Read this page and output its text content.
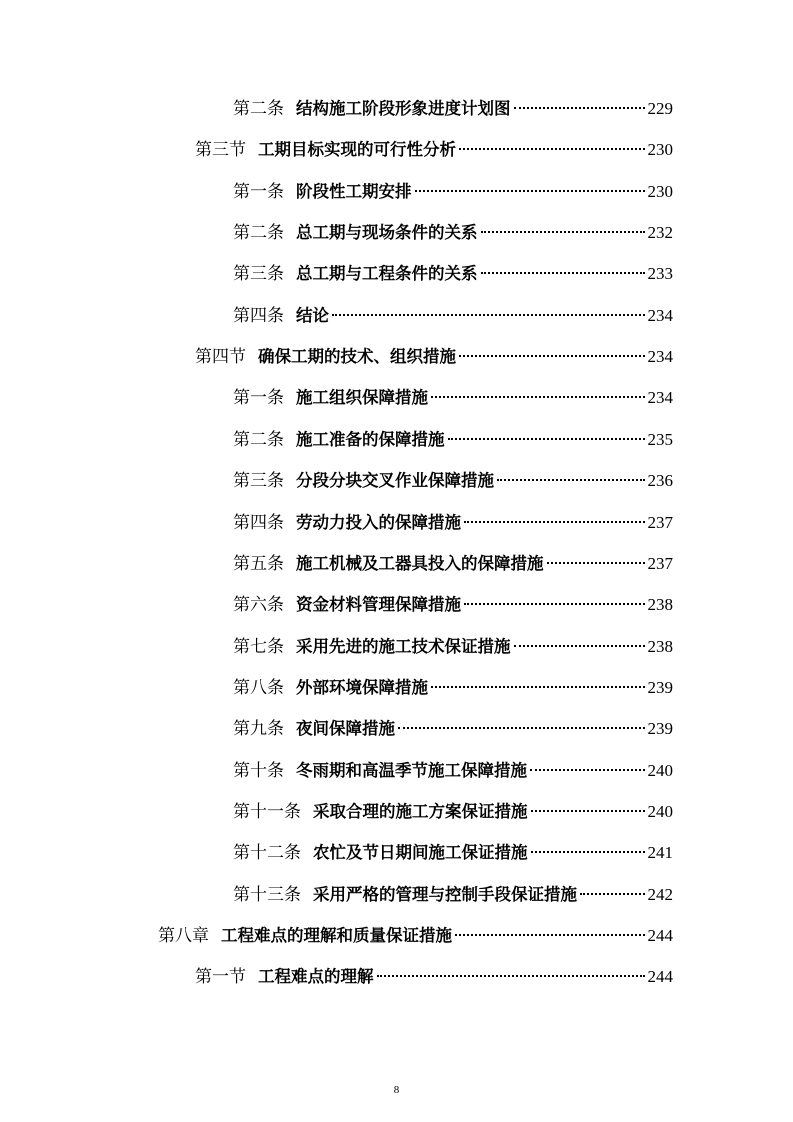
第二条 结构施工阶段形象进度计划图	229
第三节 工期目标实现的可行性分析	230
第一条 阶段性工期安排	230
第二条 总工期与现场条件的关系	232
第三条 总工期与工程条件的关系	233
第四条 结论	234
第四节 确保工期的技术、组织措施	234
第一条 施工组织保障措施	234
第二条 施工准备的保障措施	235
第三条 分段分块交叉作业保障措施	236
第四条 劳动力投入的保障措施	237
第五条 施工机械及工器具投入的保障措施	237
第六条 资金材料管理保障措施	238
第七条 采用先进的施工技术保证措施	238
第八条 外部环境保障措施	239
第九条 夜间保障措施	239
第十条 冬雨期和高温季节施工保障措施	240
第十一条 采取合理的施工方案保证措施	240
第十二条 农忙及节日期间施工保证措施	241
第十三条 采用严格的管理与控制手段保证措施	242
第八章 工程难点的理解和质量保证措施	244
第一节 工程难点的理解	244
8
